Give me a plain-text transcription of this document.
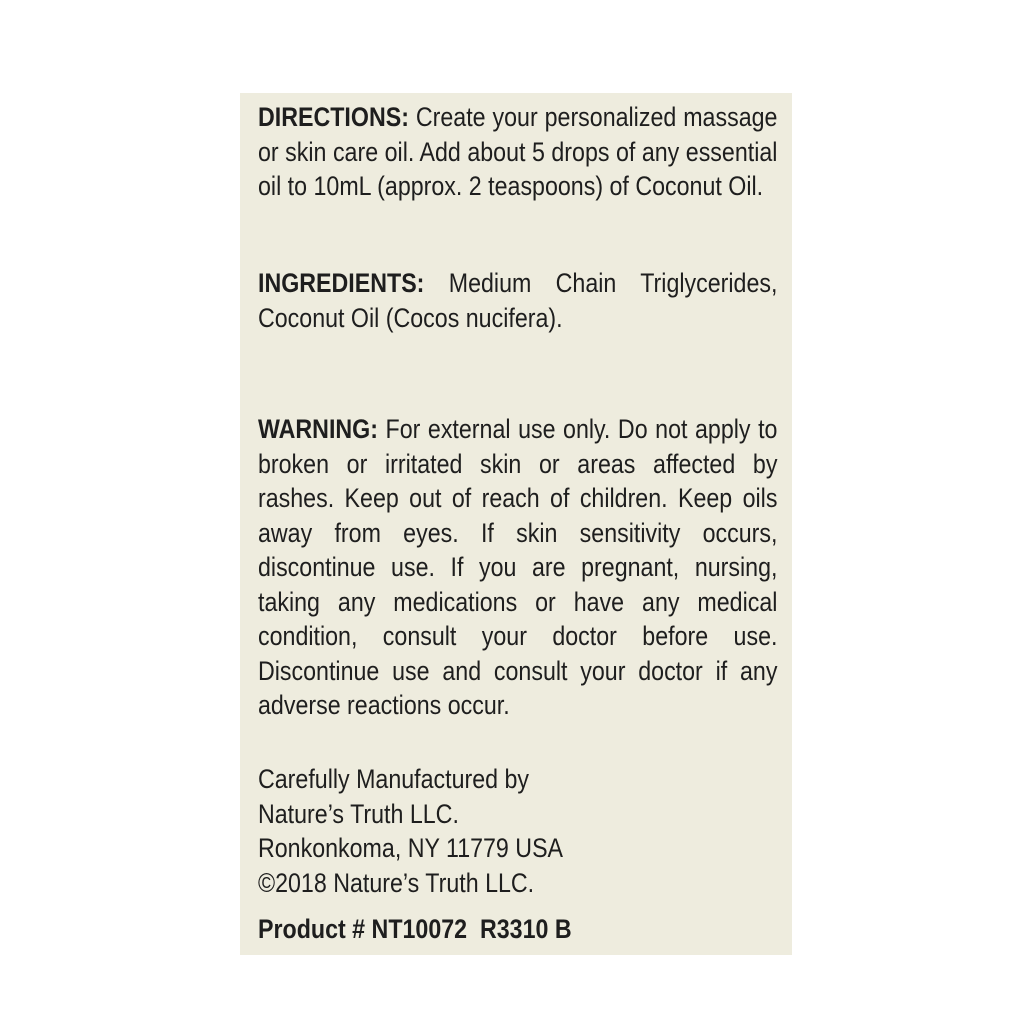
DIRECTIONS: Create your personalized massage
or skin care oil. Add about 5 drops of any essential
oil to 10mL (approx. 2 teaspoons) of Coconut Oil.
INGREDIENTS: Medium Chain Triglycerides,
Coconut Oil (Cocos nucifera).
WARNING: For external use only. Do not apply to
broken or irritated skin or areas affected by
rashes. Keep out of reach of children. Keep oils
away from eyes. If skin sensitivity occurs,
discontinue use. If you are pregnant, nursing,
taking any medications or have any medical
condition, consult your doctor before use.
Discontinue use and consult your doctor if any
adverse reactions occur.
Carefully Manufactured by
Nature’s Truth LLC.
Ronkonkoma, NY 11779 USA
©2018 Nature’s Truth LLC.
Product # NT10072 R3310 B
